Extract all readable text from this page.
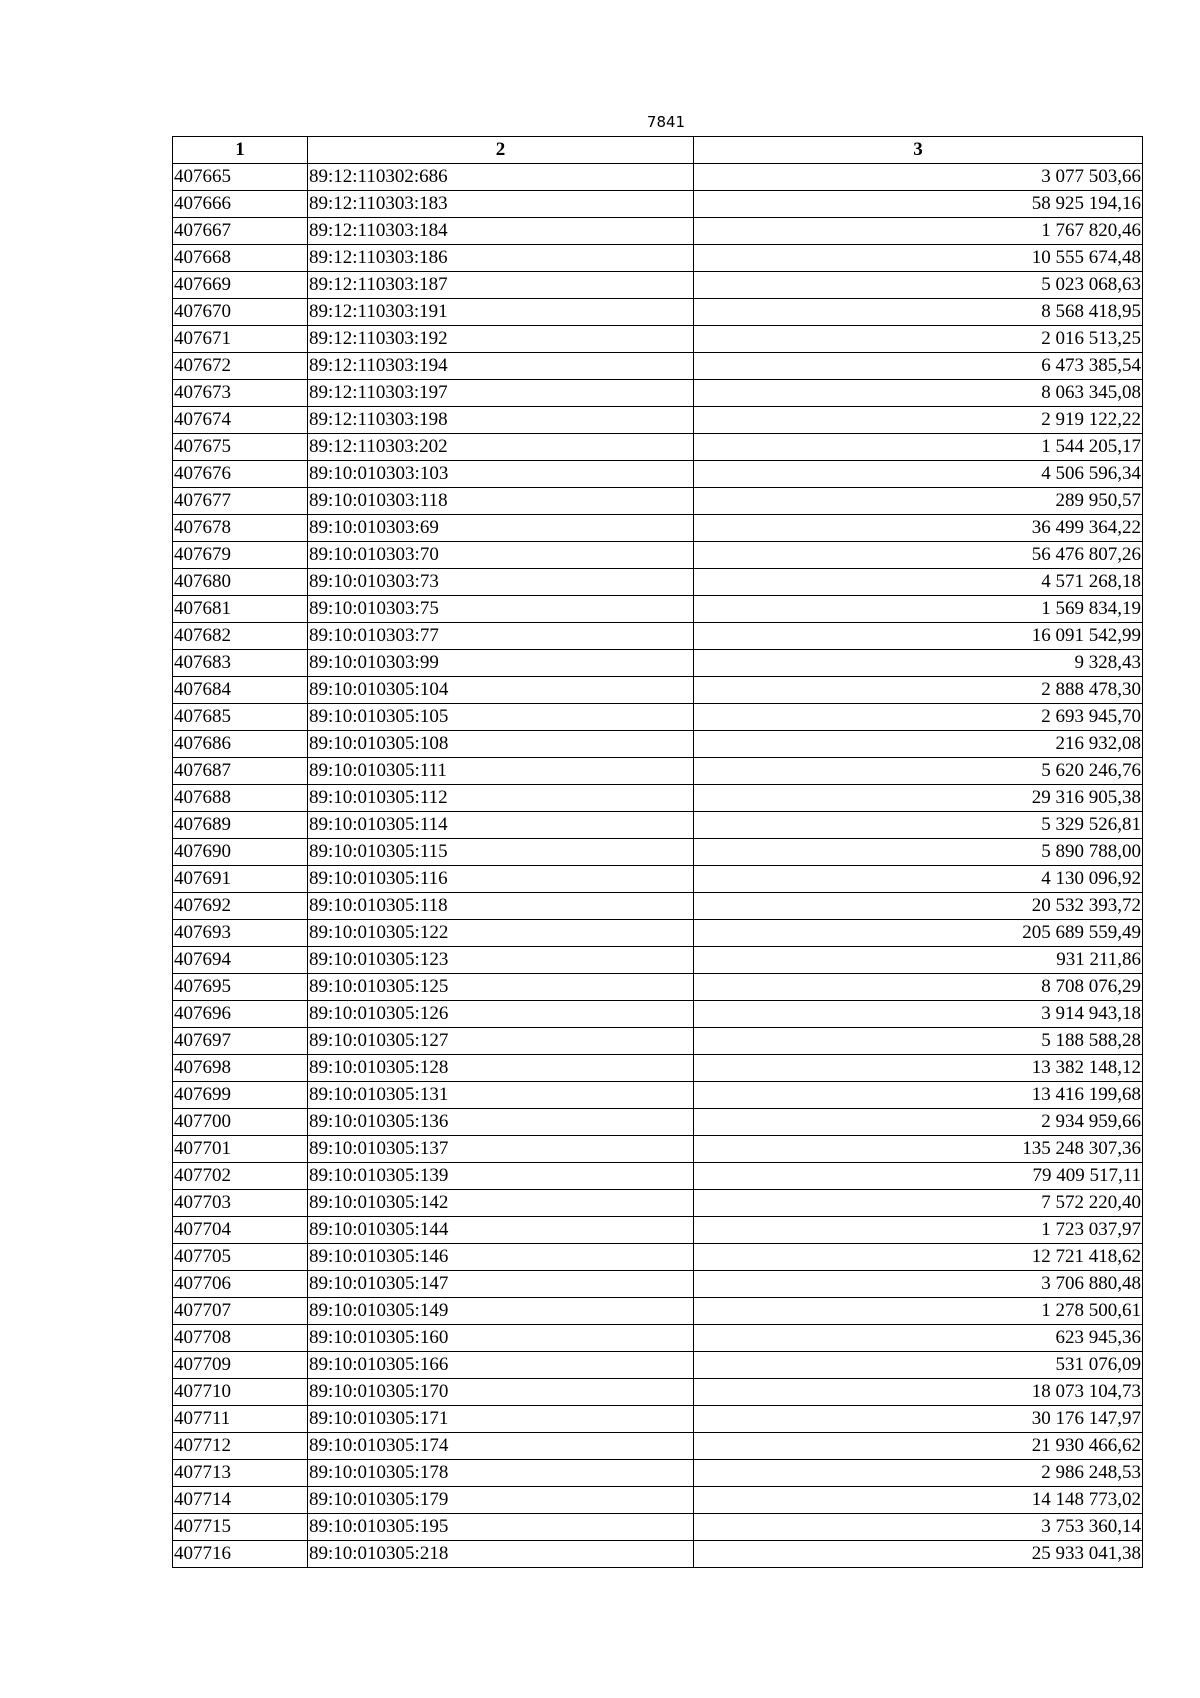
7841
1	2	3
407665	89:12:110302:686	3 077 503,66
407666	89:12:110303:183	58 925 194,16
407667	89:12:110303:184	1 767 820,46
407668	89:12:110303:186	10 555 674,48
407669	89:12:110303:187	5 023 068,63
407670	89:12:110303:191	8 568 418,95
407671	89:12:110303:192	2 016 513,25
407672	89:12:110303:194	6 473 385,54
407673	89:12:110303:197	8 063 345,08
407674	89:12:110303:198	2 919 122,22
407675	89:12:110303:202	1 544 205,17
407676	89:10:010303:103	4 506 596,34
407677	89:10:010303:118	289 950,57
407678	89:10:010303:69	36 499 364,22
407679	89:10:010303:70	56 476 807,26
407680	89:10:010303:73	4 571 268,18
407681	89:10:010303:75	1 569 834,19
407682	89:10:010303:77	16 091 542,99
407683	89:10:010303:99	9 328,43
407684	89:10:010305:104	2 888 478,30
407685	89:10:010305:105	2 693 945,70
407686	89:10:010305:108	216 932,08
407687	89:10:010305:111	5 620 246,76
407688	89:10:010305:112	29 316 905,38
407689	89:10:010305:114	5 329 526,81
407690	89:10:010305:115	5 890 788,00
407691	89:10:010305:116	4 130 096,92
407692	89:10:010305:118	20 532 393,72
407693	89:10:010305:122	205 689 559,49
407694	89:10:010305:123	931 211,86
407695	89:10:010305:125	8 708 076,29
407696	89:10:010305:126	3 914 943,18
407697	89:10:010305:127	5 188 588,28
407698	89:10:010305:128	13 382 148,12
407699	89:10:010305:131	13 416 199,68
407700	89:10:010305:136	2 934 959,66
407701	89:10:010305:137	135 248 307,36
407702	89:10:010305:139	79 409 517,11
407703	89:10:010305:142	7 572 220,40
407704	89:10:010305:144	1 723 037,97
407705	89:10:010305:146	12 721 418,62
407706	89:10:010305:147	3 706 880,48
407707	89:10:010305:149	1 278 500,61
407708	89:10:010305:160	623 945,36
407709	89:10:010305:166	531 076,09
407710	89:10:010305:170	18 073 104,73
407711	89:10:010305:171	30 176 147,97
407712	89:10:010305:174	21 930 466,62
407713	89:10:010305:178	2 986 248,53
407714	89:10:010305:179	14 148 773,02
407715	89:10:010305:195	3 753 360,14
407716	89:10:010305:218	25 933 041,38
